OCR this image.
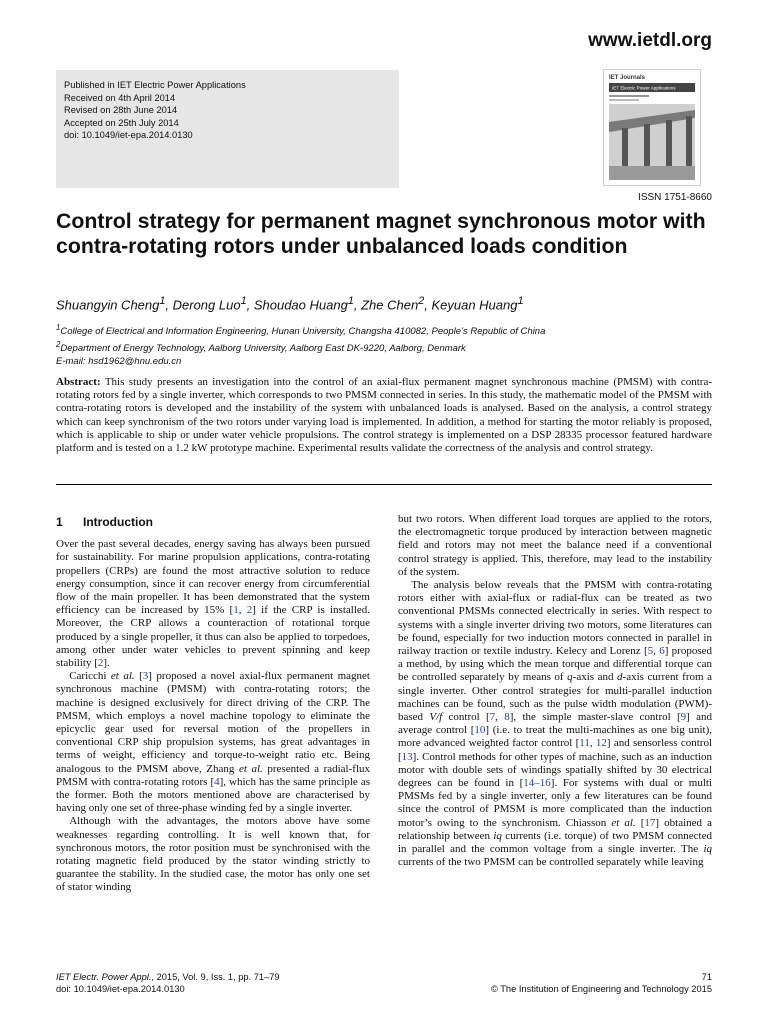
www.ietdl.org
Published in IET Electric Power Applications
Received on 4th April 2014
Revised on 28th June 2014
Accepted on 25th July 2014
doi: 10.1049/iet-epa.2014.0130
IET Journals
IET Electric Power Applications
ISSN 1751-8660
Control strategy for permanent magnet synchronous motor with contra-rotating rotors under unbalanced loads condition
Shuangyin Cheng$^1$, Derong Luo$^1$, Shoudao Huang$^1$, Zhe Chen$^2$, Keyuan Huang$^1$
$^1$College of Electrical and Information Engineering, Hunan University, Changsha 410082, People’s Republic of China
$^2$Department of Energy Technology, Aalborg University, Aalborg East DK-9220, Aalborg, Denmark
E-mail: hsd1962@hnu.edu.cn
Abstract: This study presents an investigation into the control of an axial-flux permanent magnet synchronous machine (PMSM) with contra-rotating rotors fed by a single inverter, which corresponds to two PMSM connected in series. In this study, the mathematic model of the PMSM with contra-rotating rotors is developed and the instability of the system with unbalanced loads is analysed. Based on the analysis, a control strategy which can keep synchronism of the two rotors under varying load is implemented. In addition, a method for starting the motor reliably is proposed, which is applicable to ship or under water vehicle propulsions. The control strategy is implemented on a DSP 28335 processor featured hardware platform and is tested on a 1.2 kW prototype machine. Experimental results validate the correctness of the analysis and control strategy.
1 Introduction

Over the past several decades, energy saving has always been pursued for sustainability. For marine propulsion applications, contra-rotating propellers (CRPs) are found the most attractive solution to reduce energy consumption, since it can recover energy from circumferential flow of the main propeller. It has been demonstrated that the system efficiency can be increased by 15% [1, 2] if the CRP is installed. Moreover, the CRP allows a counteraction of rotational torque produced by a single propeller, it thus can also be applied to torpedoes, among other under water vehicles to prevent spinning and keep stability [2].

Caricchi et al. [3] proposed a novel axial-flux permanent magnet synchronous machine (PMSM) with contra-rotating rotors; the machine is designed exclusively for direct driving of the CRP. The PMSM, which employs a novel machine topology to eliminate the epicyclic gear used for reversal motion of the propellers in conventional CRP ship propulsion systems, has great advantages in terms of weight, efficiency and torque-to-weight ratio etc. Being analogous to the PMSM above, Zhang et al. presented a radial-flux PMSM with contra-rotating rotors [4], which has the same principle as the former. Both the motors mentioned above are characterised by having only one set of three-phase winding fed by a single inverter.

Although with the advantages, the motors above have some weaknesses regarding controlling. It is well known that, for synchronous motors, the rotor position must be synchronised with the rotating magnetic field produced by the stator winding strictly to guarantee the stability. In the studied case, the motor has only one set of stator winding

but two rotors. When different load torques are applied to the rotors, the electromagnetic torque produced by interaction between magnetic field and rotors may not meet the balance need if a conventional control strategy is applied. This, therefore, may lead to the instability of the system.

The analysis below reveals that the PMSM with contra-rotating rotors either with axial-flux or radial-flux can be treated as two conventional PMSMs connected electrically in series. With respect to systems with a single inverter driving two motors, some literatures can be found, especially for two induction motors connected in parallel in railway traction or textile industry. Kelecy and Lorenz [5, 6] proposed a method, by using which the mean torque and differential torque can be controlled separately by means of q-axis and d-axis current from a single inverter. Other control strategies for multi-parallel induction machines can be found, such as the pulse width modulation (PWM)-based V/f control [7, 8], the simple master-slave control [9] and average control [10] (i.e. to treat the multi-machines as one big unit), more advanced weighted factor control [11, 12] and sensorless control [13]. Control methods for other types of machine, such as an induction motor with double sets of windings spatially shifted by 30 electrical degrees can be found in [14–16]. For systems with dual or multi PMSMs fed by a single inverter, only a few literatures can be found since the control of PMSM is more complicated than the induction motor’s owing to the synchronism. Chiasson et al. [17] obtained a relationship between iq currents (i.e. torque) of two PMSM connected in parallel and the common voltage from a single inverter. The iq currents of the two PMSM can be controlled separately while leaving

IET Electr. Power Appl., 2015, Vol. 9, Iss. 1, pp. 71–79
doi: 10.1049/iet-epa.2014.0130
71
© The Institution of Engineering and Technology 2015
